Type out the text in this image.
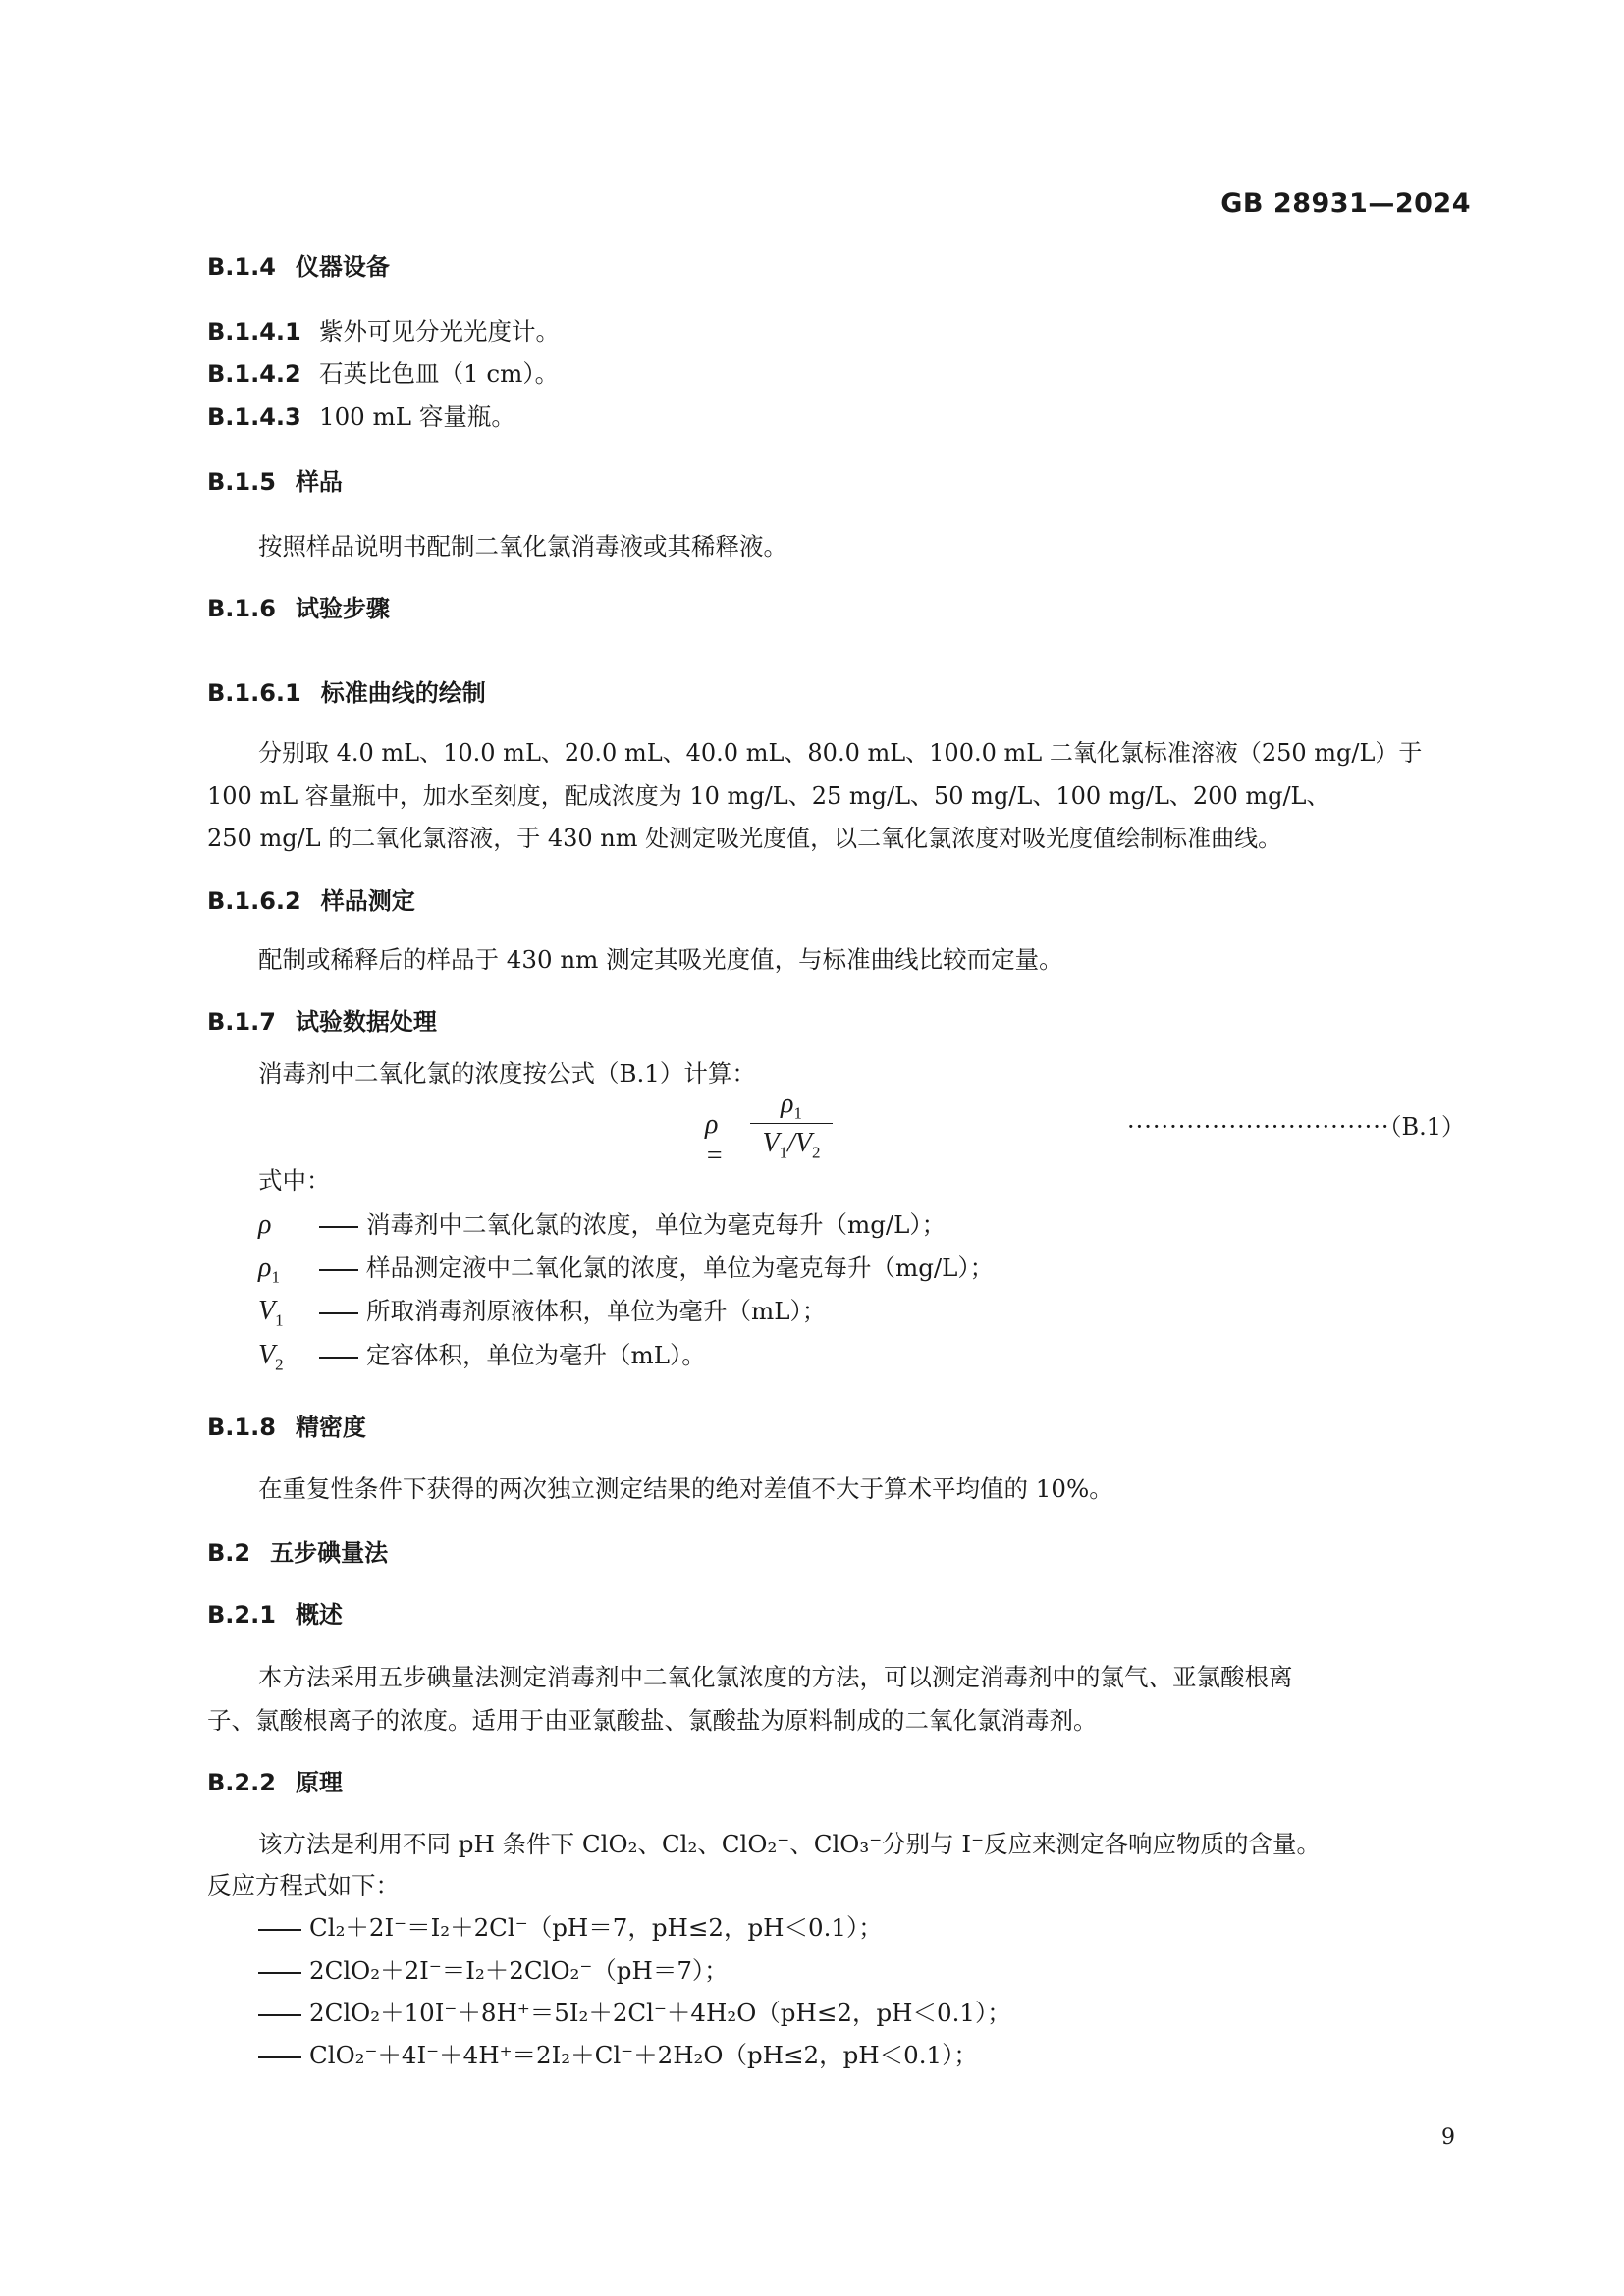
GB 28931—2024
B.1.4 仪器设备
B.1.4.1 紫外可见分光光度计。
B.1.4.2 石英比色皿（1 cm）。
B.1.4.3 100 mL 容量瓶。
B.1.5 样品
按照样品说明书配制二氧化氯消毒液或其稀释液。
B.1.6 试验步骤
B.1.6.1 标准曲线的绘制
分别取 4.0 mL、10.0 mL、20.0 mL、40.0 mL、80.0 mL、100.0 mL 二氧化氯标准溶液（250 mg/L）于
100 mL 容量瓶中，加水至刻度，配成浓度为 10 mg/L、25 mg/L、50 mg/L、100 mg/L、200 mg/L、
250 mg/L 的二氧化氯溶液，于 430 nm 处测定吸光度值，以二氧化氯浓度对吸光度值绘制标准曲线。
B.1.6.2 样品测定
配制或稀释后的样品于 430 nm 测定其吸光度值，与标准曲线比较而定量。
B.1.7 试验数据处理
消毒剂中二氧化氯的浓度按公式（B.1）计算：
ρ =
$\rho_1$
$V_1/V_2$
·······························（B.1）
式中：
ρ	消毒剂中二氧化氯的浓度，单位为毫克每升（mg/L）；
$\rho_1$	样品测定液中二氧化氯的浓度，单位为毫克每升（mg/L）；
$V_1$	所取消毒剂原液体积，单位为毫升（mL）；
$V_2$	定容体积，单位为毫升（mL）。
B.1.8 精密度
在重复性条件下获得的两次独立测定结果的绝对差值不大于算术平均值的 10%。
B.2 五步碘量法
B.2.1 概述
本方法采用五步碘量法测定消毒剂中二氧化氯浓度的方法，可以测定消毒剂中的氯气、亚氯酸根离
子、氯酸根离子的浓度。适用于由亚氯酸盐、氯酸盐为原料制成的二氧化氯消毒剂。
B.2.2 原理
该方法是利用不同 pH 条件下 ClO₂、Cl₂、ClO₂⁻、ClO₃⁻分别与 I⁻反应来测定各响应物质的含量。
反应方程式如下：
Cl₂＋2I⁻＝I₂＋2Cl⁻（pH＝7，pH≤2，pH＜0.1）；
2ClO₂＋2I⁻＝I₂＋2ClO₂⁻（pH＝7）；
2ClO₂＋10I⁻＋8H⁺＝5I₂＋2Cl⁻＋4H₂O（pH≤2，pH＜0.1）；
ClO₂⁻＋4I⁻＋4H⁺＝2I₂＋Cl⁻＋2H₂O（pH≤2，pH＜0.1）；
9
